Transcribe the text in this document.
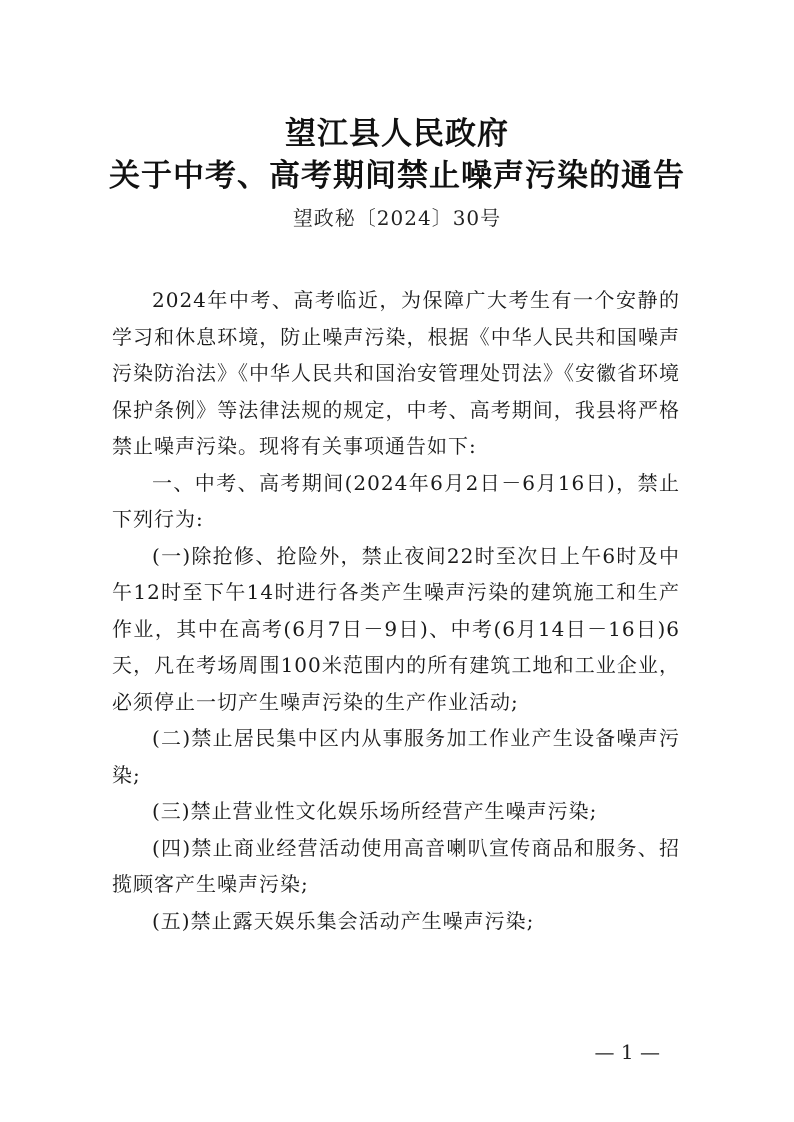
望江县人民政府
关于中考、高考期间禁止噪声污染的通告
望政秘〔2024〕30号

2024年中考、高考临近，为保障广大考生有一个安静的学习和休息环境，防止噪声污染，根据《中华人民共和国噪声污染防治法》《中华人民共和国治安管理处罚法》《安徽省环境保护条例》等法律法规的规定，中考、高考期间，我县将严格禁止噪声污染。现将有关事项通告如下:

一、中考、高考期间(2024年6月2日－6月16日)，禁止下列行为:

(一)除抢修、抢险外，禁止夜间22时至次日上午6时及中午12时至下午14时进行各类产生噪声污染的建筑施工和生产作业，其中在高考(6月7日－9日)、中考(6月14日－16日)6天，凡在考场周围100米范围内的所有建筑工地和工业企业，必须停止一切产生噪声污染的生产作业活动;

(二)禁止居民集中区内从事服务加工作业产生设备噪声污染;

(三)禁止营业性文化娱乐场所经营产生噪声污染;

(四)禁止商业经营活动使用高音喇叭宣传商品和服务、招揽顾客产生噪声污染;

(五)禁止露天娱乐集会活动产生噪声污染;

— 1 —
